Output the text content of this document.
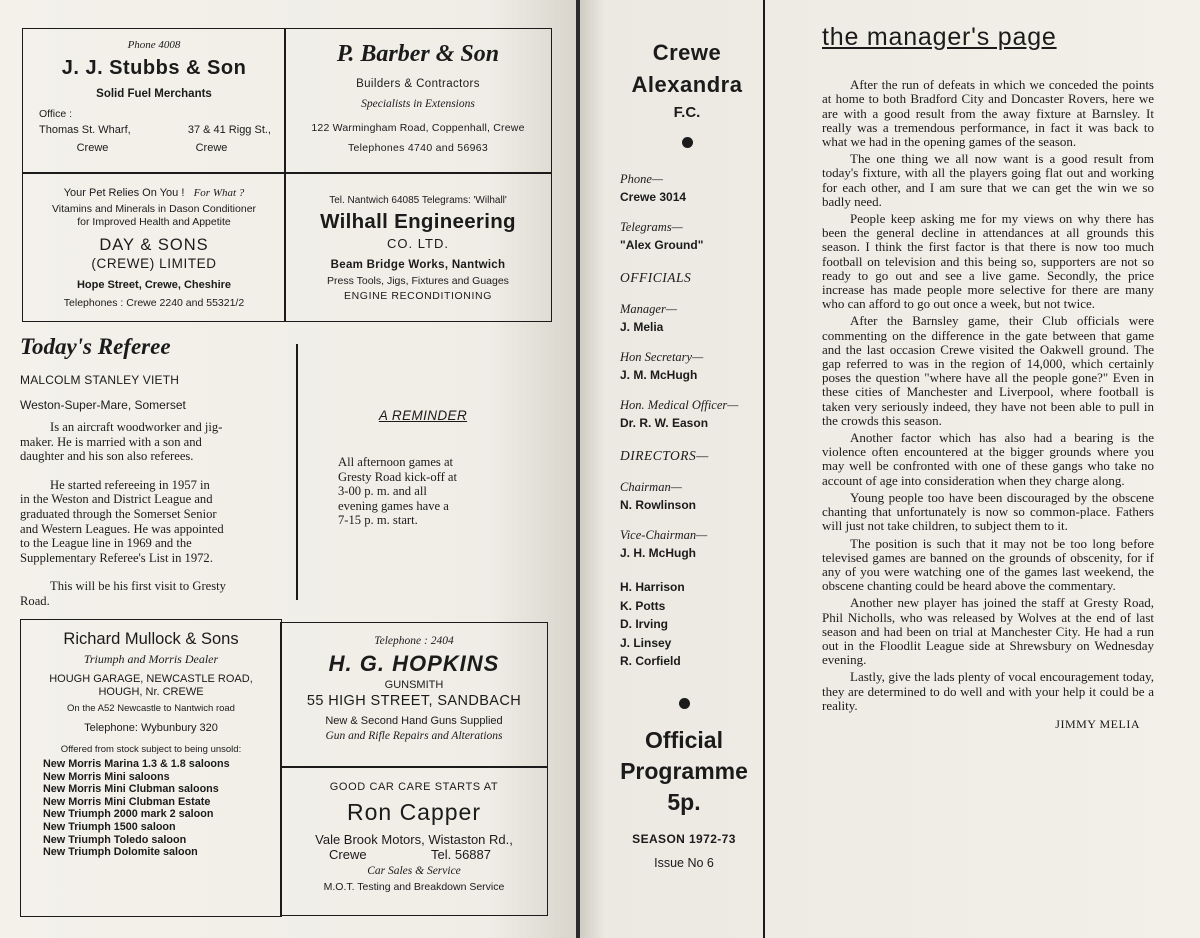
Phone 4008

J. J. Stubbs & Son

Solid Fuel Merchants

Office :

Thomas St. Wharf,	37 & 41 Rigg St.,
Crewe	Crewe

P. Barber & Son

Builders & Contractors

Specialists in Extensions

122 Warmingham Road, Coppenhall, Crewe

Telephones 4740 and 56963

Your Pet Relies On You ! For What ?

Vitamins and Minerals in Dason Conditioner

for Improved Health and Appetite

DAY & SONS

(CREWE) LIMITED

Hope Street, Crewe, Cheshire

Telephones : Crewe 2240 and 55321/2

Tel. Nantwich 64085 Telegrams: 'Wilhall'

Wilhall Engineering

CO. LTD.

Beam Bridge Works, Nantwich

Press Tools, Jigs, Fixtures and Guages

ENGINE RECONDITIONING

Today's Referee

MALCOLM STANLEY VIETH

Weston-Super-Mare, Somerset

Is an aircraft woodworker and jig-

maker. He is married with a son and

daughter and his son also referees.

He started refereeing in 1957 in

in the Weston and District League and

graduated through the Somerset Senior

and Western Leagues. He was appointed

to the League line in 1969 and the

Supplementary Referee's List in 1972.

This will be his first visit to Gresty

Road.

A REMINDER

All afternoon games at

Gresty Road kick-off at

3-00 p. m. and all

evening games have a

7-15 p. m. start.

Richard Mullock & Sons

Triumph and Morris Dealer

HOUGH GARAGE, NEWCASTLE ROAD,

HOUGH, Nr. CREWE

On the A52 Newcastle to Nantwich road

Telephone: Wybunbury 320

Offered from stock subject to being unsold:

New Morris Marina 1.3 & 1.8 saloons

New Morris Mini saloons

New Morris Mini Clubman saloons

New Morris Mini Clubman Estate

New Triumph 2000 mark 2 saloon

New Triumph 1500 saloon

New Triumph Toledo saloon

New Triumph Dolomite saloon

Telephone : 2404

H. G. HOPKINS

GUNSMITH

55 HIGH STREET, SANDBACH

New & Second Hand Guns Supplied

Gun and Rifle Repairs and Alterations

GOOD CAR CARE STARTS AT

Ron Capper

Vale Brook Motors, Wistaston Rd.,

Crewe	Tel. 56887

Car Sales & Service

M.O.T. Testing and Breakdown Service

Crewe

Alexandra

F.C.

Phone—

Crewe 3014

Telegrams—

"Alex Ground"

OFFICIALS

Manager—

J. Melia

Hon Secretary—

J. M. McHugh

Hon. Medical Officer—

Dr. R. W. Eason

DIRECTORS—

Chairman—

N. Rowlinson

Vice-Chairman—

J. H. McHugh

H. Harrison

K. Potts

D. Irving

J. Linsey

R. Corfield

Official

Programme

5p.

SEASON 1972-73

Issue No 6

the manager's page

After the run of defeats in which we conceded the points at home to both Bradford City and Doncaster Rovers, here we are with a good result from the away fixture at Barnsley. It really was a tremendous performance, in fact it was back to what we had in the opening games of the season.

The one thing we all now want is a good result from today's fixture, with all the players going flat out and working for each other, and I am sure that we can get the win we so badly need.

People keep asking me for my views on why there has been the general decline in attendances at all grounds this season. I think the first factor is that there is now too much football on television and this being so, supporters are not so ready to go out and see a live game. Secondly, the price increase has made people more selective for there are many who can afford to go out once a week, but not twice.

After the Barnsley game, their Club officials were commenting on the difference in the gate between that game and the last occasion Crewe visited the Oakwell ground. The gap referred to was in the region of 14,000, which certainly poses the question "where have all the people gone?" Even in these cities of Manchester and Liverpool, where football is taken very seriously indeed, they have not been able to pull in the crowds this season.

Another factor which has also had a bearing is the violence often encountered at the bigger grounds where you may well be confronted with one of these gangs who take no account of age into consideration when they charge along.

Young people too have been discouraged by the obscene chanting that unfortunately is now so common-place. Fathers will just not take children, to subject them to it.

The position is such that it may not be too long before televised games are banned on the grounds of obscenity, for if any of you were watching one of the games last weekend, the obscene chanting could be heard above the commentary.

Another new player has joined the staff at Gresty Road, Phil Nicholls, who was released by Wolves at the end of last season and had been on trial at Manchester City. He had a run out in the Floodlit League side at Shrewsbury on Wednesday evening.

Lastly, give the lads plenty of vocal encouragement today, they are determined to do well and with your help it could be a reality.

JIMMY MELIA
